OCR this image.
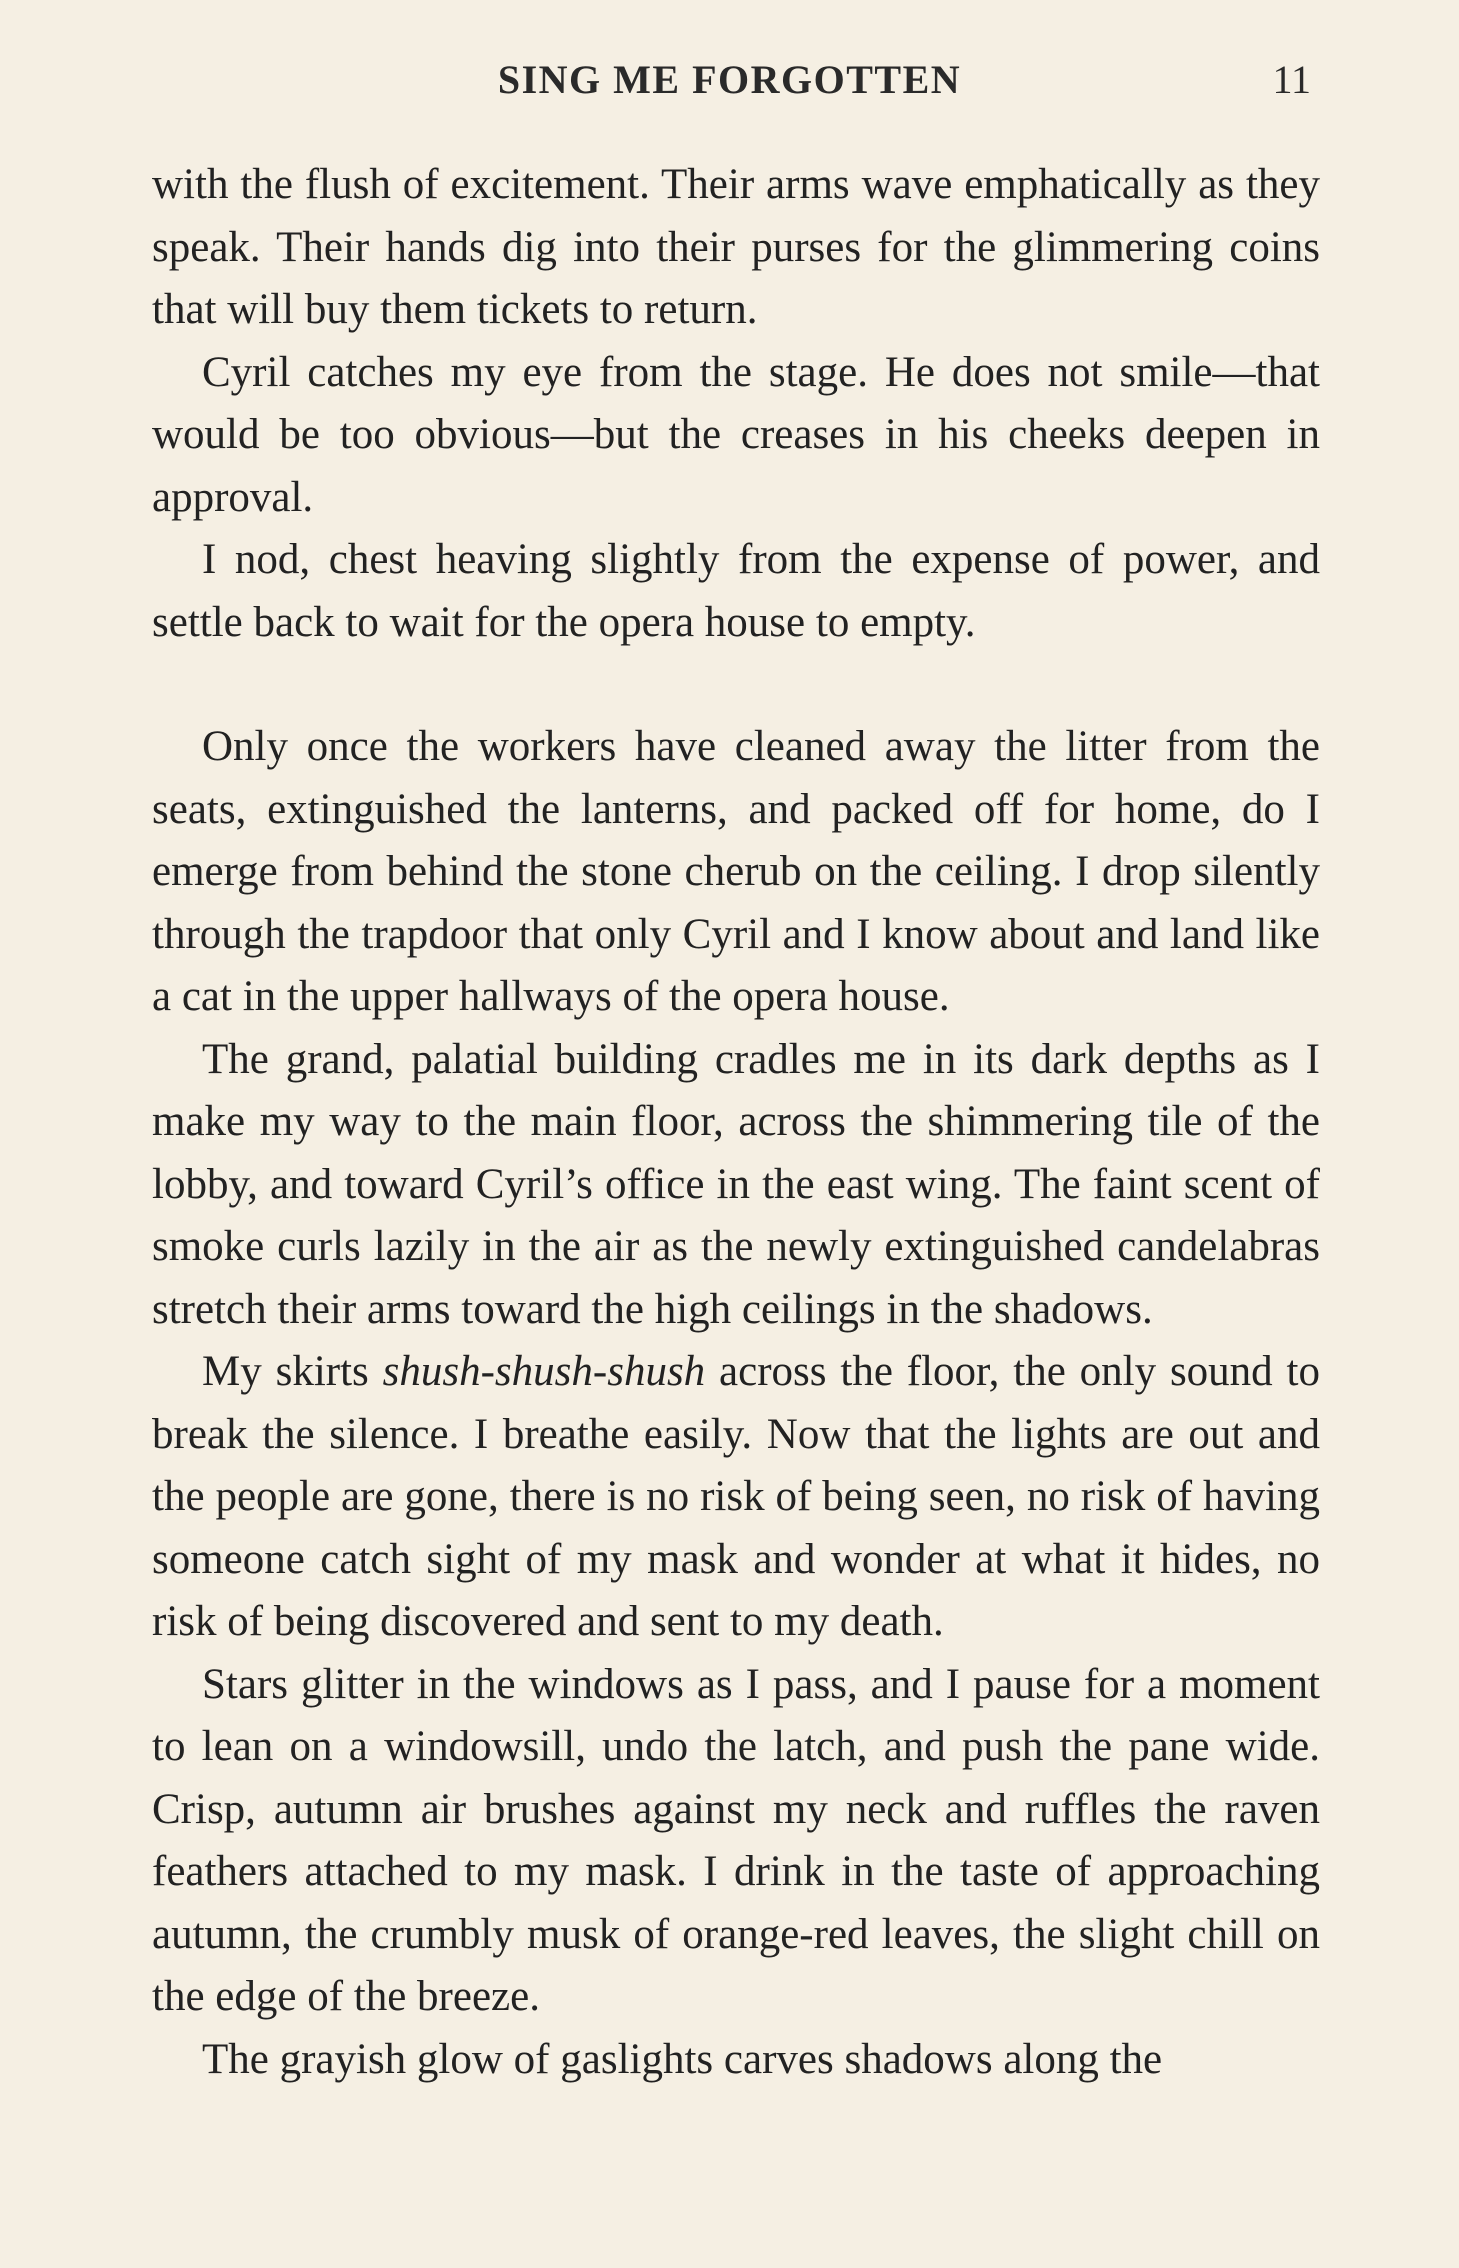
SING ME FORGOTTEN	11

with the flush of excitement. Their arms wave emphatically as they speak. Their hands dig into their purses for the glimmering coins that will buy them tickets to return.

Cyril catches my eye from the stage. He does not smile—that would be too obvious—but the creases in his cheeks deepen in approval.

I nod, chest heaving slightly from the expense of power, and settle back to wait for the opera house to empty.

Only once the workers have cleaned away the litter from the seats, extinguished the lanterns, and packed off for home, do I emerge from behind the stone cherub on the ceiling. I drop silently through the trapdoor that only Cyril and I know about and land like a cat in the upper hallways of the opera house.

The grand, palatial building cradles me in its dark depths as I make my way to the main floor, across the shimmering tile of the lobby, and toward Cyril’s office in the east wing. The faint scent of smoke curls lazily in the air as the newly extinguished candelabras stretch their arms toward the high ceilings in the shadows.

My skirts shush-shush-shush across the floor, the only sound to break the silence. I breathe easily. Now that the lights are out and the people are gone, there is no risk of being seen, no risk of having someone catch sight of my mask and wonder at what it hides, no risk of being discovered and sent to my death.

Stars glitter in the windows as I pass, and I pause for a moment to lean on a windowsill, undo the latch, and push the pane wide. Crisp, autumn air brushes against my neck and ruffles the raven feathers attached to my mask. I drink in the taste of approaching autumn, the crumbly musk of orange-red leaves, the slight chill on the edge of the breeze.

The grayish glow of gaslights carves shadows along the
